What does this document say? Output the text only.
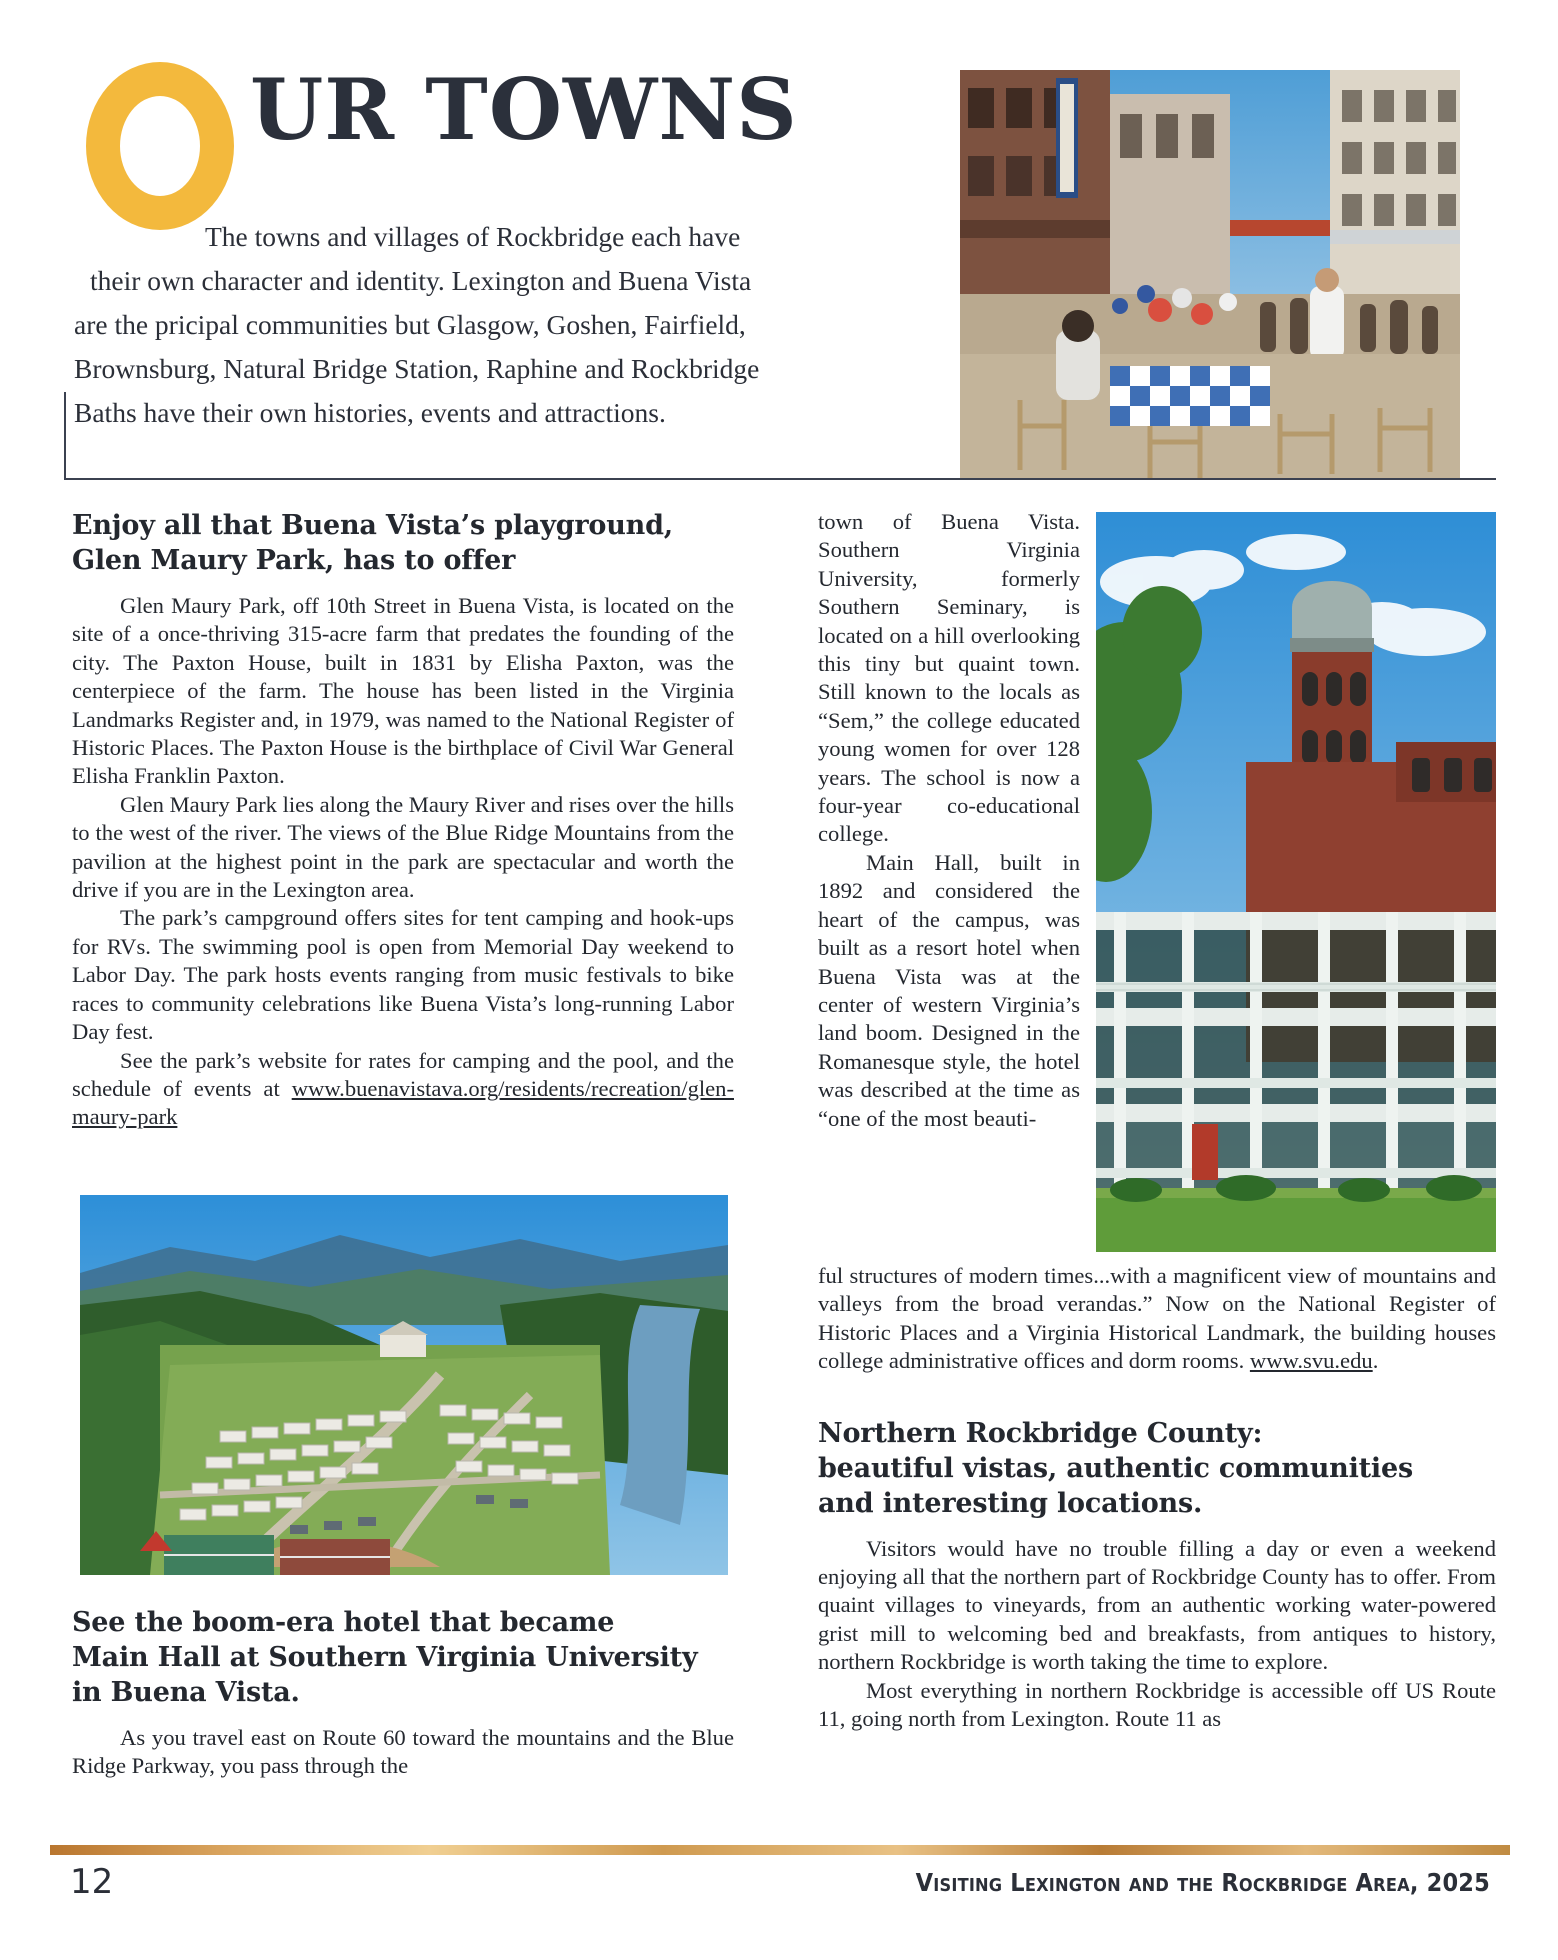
UR TOWNS
The towns and villages of Rockbridge each have their own character and identity. Lexington and Buena Vista
are the pricipal communities but Glasgow, Goshen, Fairfield, Brownsburg, Natural Bridge Station, Raphine and Rockbridge Baths have their own histories, events and attractions.
Enjoy all that Buena Vista’s playground,
Glen Maury Park, has to offer

Glen Maury Park, off 10th Street in Buena Vista, is located on the site of a once-thriving 315-acre farm that predates the founding of the city. The Paxton House, built in 1831 by Elisha Paxton, was the centerpiece of the farm. The house has been listed in the Virginia Landmarks Register and, in 1979, was named to the National Register of Historic Places. The Paxton House is the birthplace of Civil War General Elisha Franklin Paxton.

Glen Maury Park lies along the Maury River and rises over the hills to the west of the river. The views of the Blue Ridge Mountains from the pavilion at the highest point in the park are spectacular and worth the drive if you are in the Lexington area.

The park’s campground offers sites for tent camping and hook-ups for RVs. The swimming pool is open from Memorial Day weekend to Labor Day. The park hosts events ranging from music festivals to bike races to community celebrations like Buena Vista’s long-running Labor Day fest.

See the park’s website for rates for camping and the pool, and the schedule of events at www.buenavistava.org/residents/recreation/glen-maury-park

See the boom-era hotel that became
Main Hall at Southern Virginia University
in Buena Vista.

As you travel east on Route 60 toward the mountains and the Blue Ridge Parkway, you pass through the

town of Buena Vista. Southern Virginia University, formerly Southern Seminary, is located on a hill overlooking this tiny but quaint town. Still known to the locals as “Sem,” the college educated young women for over 128 years. The school is now a four-year co-educational college.

Main Hall, built in 1892 and considered the heart of the campus, was built as a resort hotel when Buena Vista was at the center of western Virginia’s land boom. Designed in the Romanesque style, the hotel was described at the time as “one of the most beauti-

ful structures of modern times...with a magnificent view of mountains and valleys from the broad verandas.” Now on the National Register of Historic Places and a Virginia Historical Landmark, the building houses college administrative offices and dorm rooms. www.svu.edu.

Northern Rockbridge County:
beautiful vistas, authentic communities
and interesting locations.

Visitors would have no trouble filling a day or even a weekend enjoying all that the northern part of Rockbridge County has to offer. From quaint villages to vineyards, from an authentic working water-powered grist mill to welcoming bed and breakfasts, from antiques to history, northern Rockbridge is worth taking the time to explore.

Most everything in northern Rockbridge is accessible off US Route 11, going north from Lexington. Route 11 as

12	Visiting Lexington and the Rockbridge Area, 2025
